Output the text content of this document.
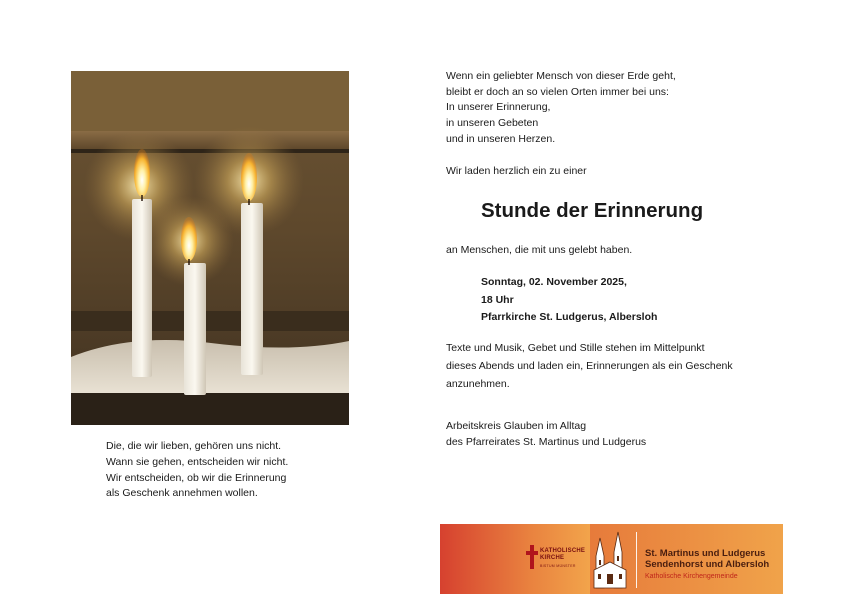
Die, die wir lieben, gehören uns nicht.
Wann sie gehen, entscheiden wir nicht.
Wir entscheiden, ob wir die Erinnerung
als Geschenk annehmen wollen.
Wenn ein geliebter Mensch von dieser Erde geht,
bleibt er doch an so vielen Orten immer bei uns:
In unserer Erinnerung,
in unseren Gebeten
und in unseren Herzen.
Wir laden herzlich ein zu einer
Stunde der Erinnerung
an Menschen, die mit uns gelebt haben.
Sonntag, 02. November 2025,
18 Uhr
Pfarrkirche St. Ludgerus, Albersloh
Texte und Musik, Gebet und Stille stehen im Mittelpunkt
dieses Abends und laden ein, Erinnerungen als ein Geschenk
anzunehmen.
Arbeitskreis Glauben im Alltag
des Pfarreirates St. Martinus und Ludgerus
KATHOLISCHE
KIRCHE
BISTUM MÜNSTER
St. Martinus und Ludgerus
Sendenhorst und Albersloh
Katholische Kirchengemeinde
